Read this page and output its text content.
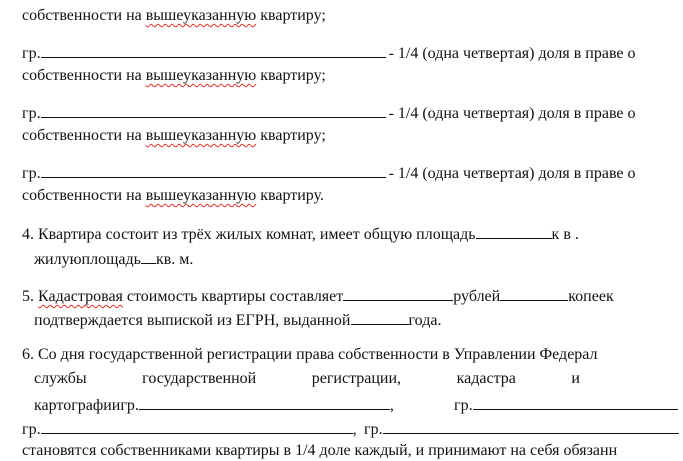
собственности на вышеуказанную квартиру;
гр.	- 1/4 (одна четвертая) доля в праве о
собственности на вышеуказанную квартиру;
гр.	- 1/4 (одна четвертая) доля в праве о
собственности на вышеуказанную квартиру;
гр.	- 1/4 (одна четвертая) доля в праве о
собственности на вышеуказанную квартиру.
4. Квартира состоит из трёх жилых комнат, имеет общую площадь	к в .
жилуюплощадь кв. м.
5. Кадастровая стоимость квартиры составляет	рублей	копеек
подтверждается выпиской из ЕГРН, выданной	года.
6. Со дня государственной регистрации права собственности в Управлении Федерал
службы	государственной	регистрации,	кадастра	и
картографиигр.	,	гр.
гр.	, гр.
становятся собственниками квартиры в 1/4 доле каждый, и принимают на себя обязанн
